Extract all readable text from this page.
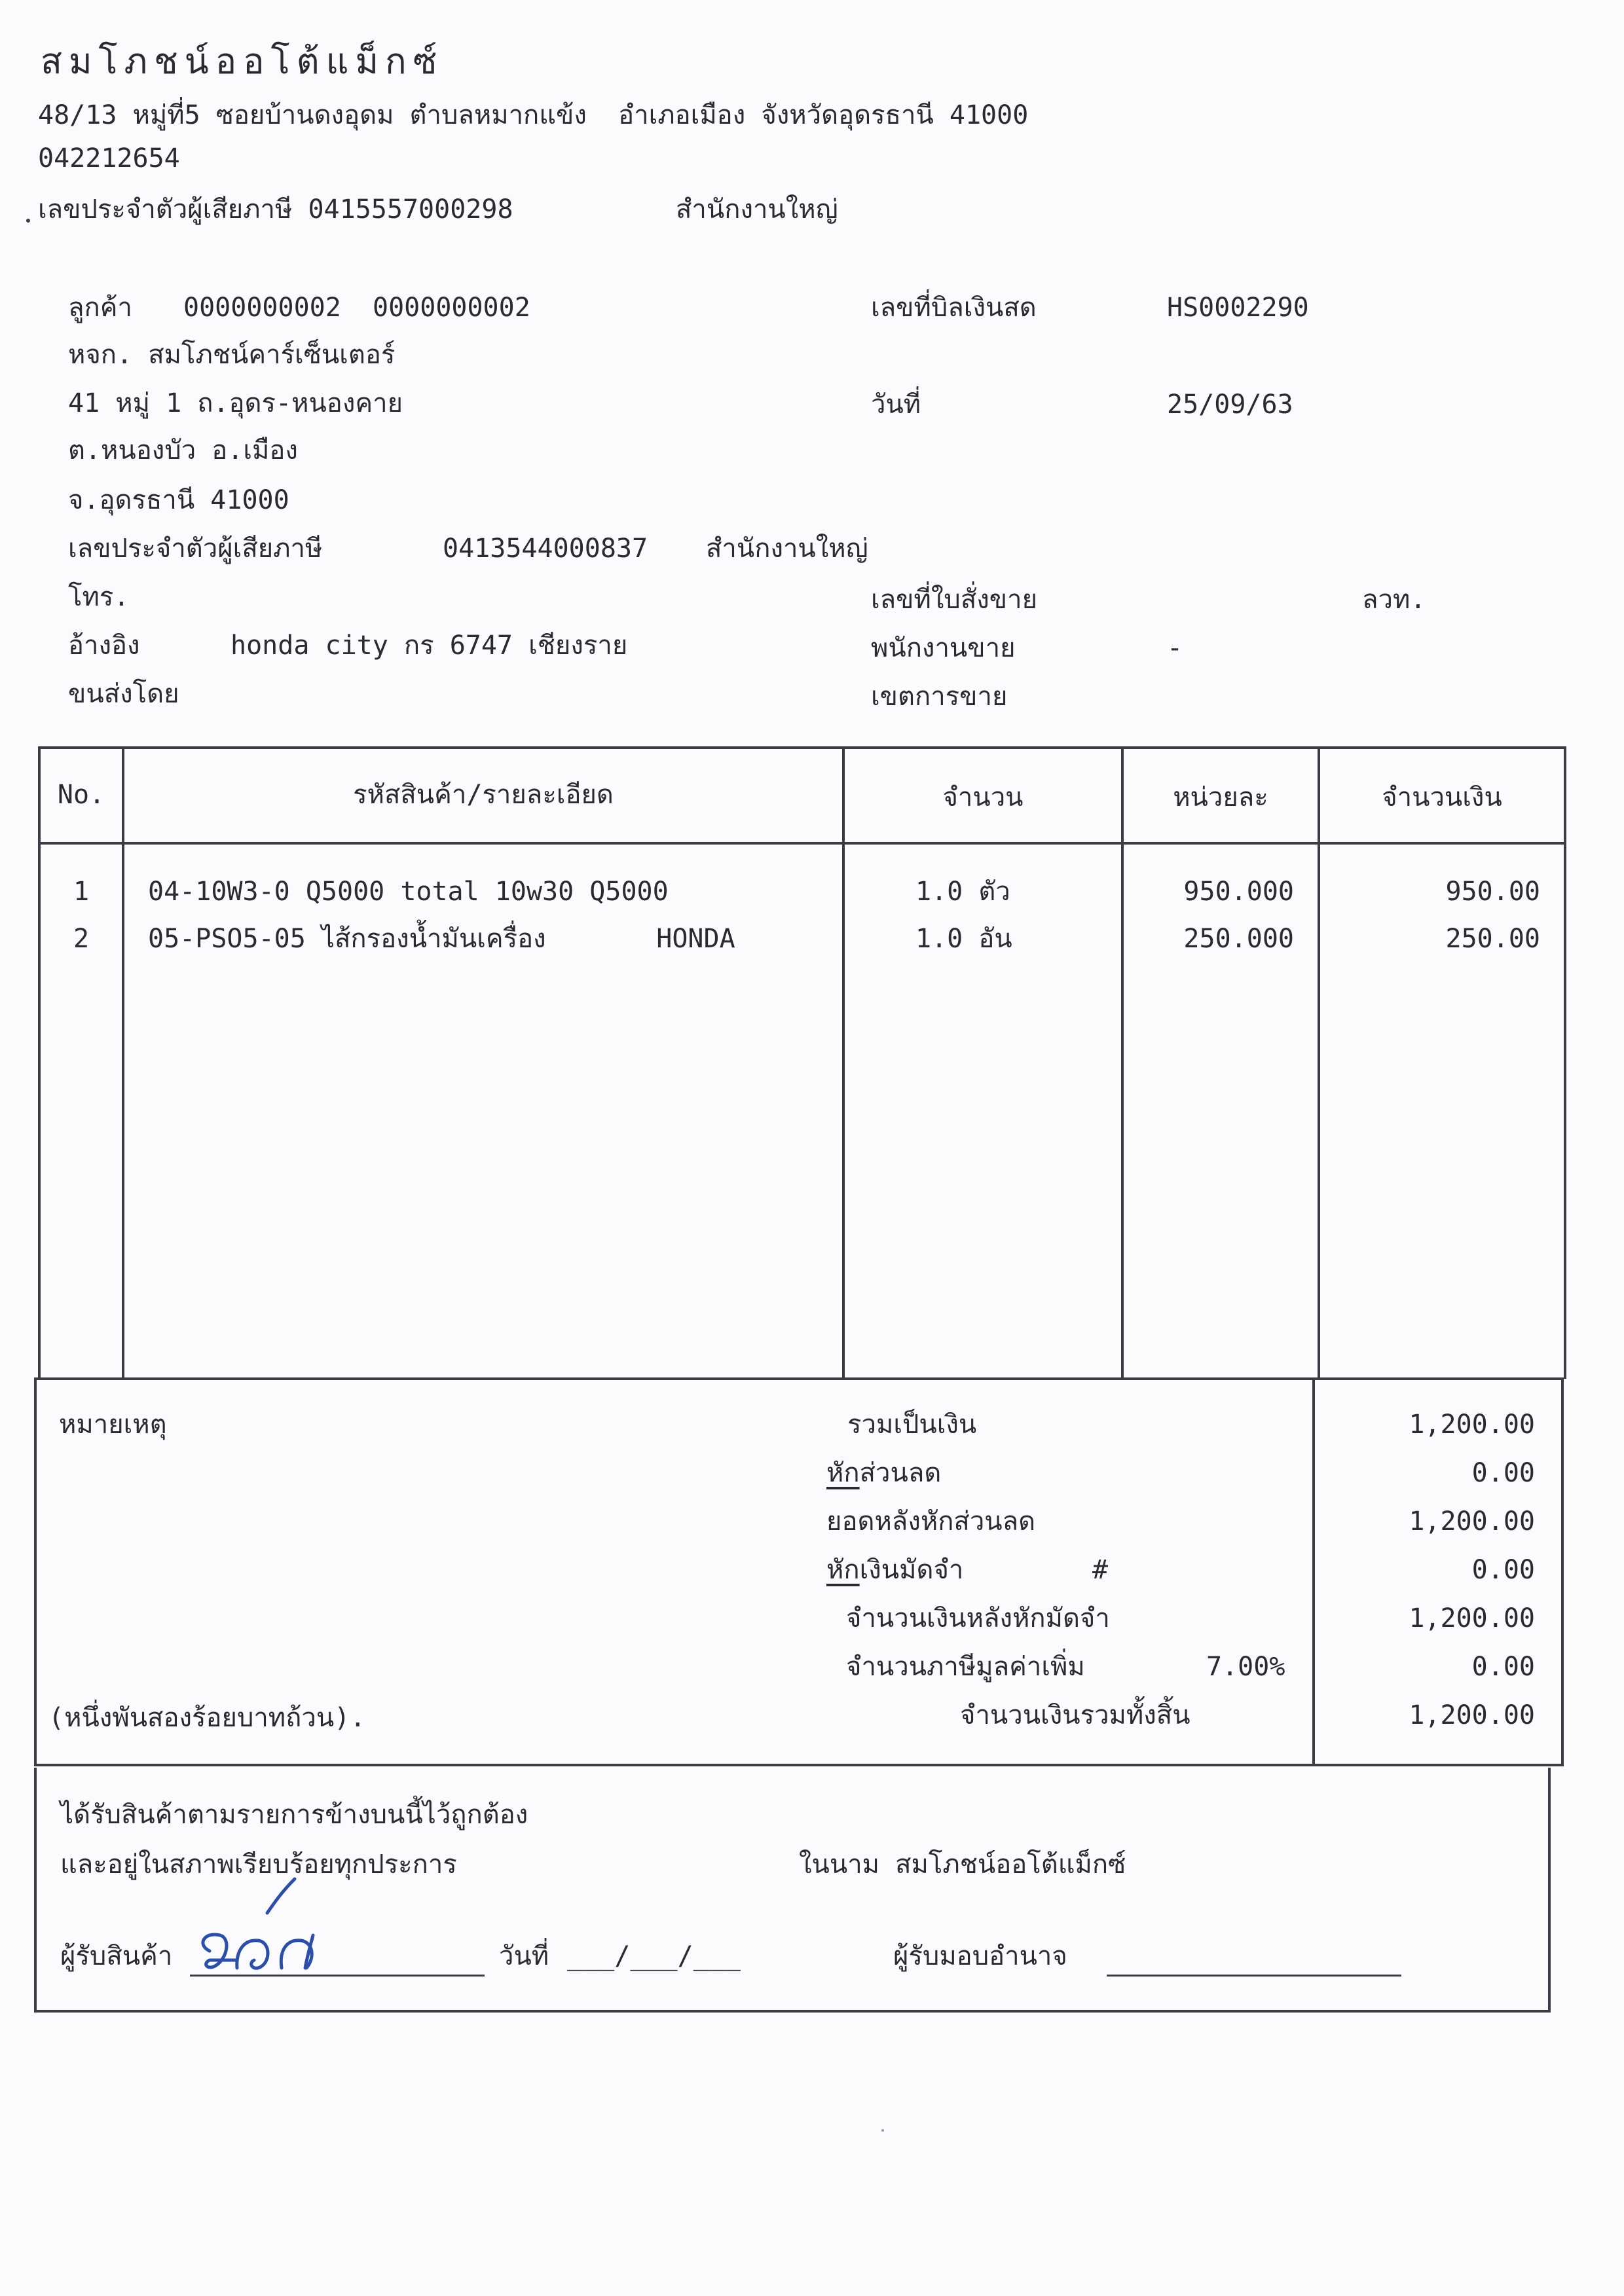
สมโภชน์ออโต้แม็กซ์
48/13 หมู่ที่5 ซอยบ้านดงอุดม ตำบลหมากแข้ง  อำเภอเมือง จังหวัดอุดรธานี 41000
042212654
เลขประจำตัวผู้เสียภาษี 0415557000298	สำนักงานใหญ่
ลูกค้า 0000000002  0000000002
หจก. สมโภชน์คาร์เซ็นเตอร์
41 หมู่ 1 ถ.อุดร-หนองคาย
ต.หนองบัว อ.เมือง
จ.อุดรธานี 41000
เลขประจำตัวผู้เสียภาษี	0413544000837 สำนักงานใหญ่
โทร.
อ้างอิง	honda city กร 6747 เชียงราย
ขนส่งโดย
เลขที่บิลเงินสด	HS0002290
วันที่	25/09/63
เลขที่ใบสั่งขาย	ลวท.
พนักงานขาย	-
เขตการขาย
No.	รหัสสินค้า/รายละเอียด	จำนวน	หน่วยละ	จำนวนเงิน
1	04-10W3-0 Q5000 total 10w30 Q5000	1.0 ตัว	950.000	950.00
2	05-PSO5-05 ไส้กรองน้ำมันเครื่อง       HONDA	1.0 อัน	250.000	250.00
หมายเหตุ
(หนึ่งพันสองร้อยบาทถ้วน).
รวมเป็นเงิน	1,200.00
หักส่วนลด	0.00
ยอดหลังหักส่วนลด	1,200.00
หักเงินมัดจำ	#	0.00
จำนวนเงินหลังหักมัดจำ	1,200.00
จำนวนภาษีมูลค่าเพิ่ม	7.00%	0.00
จำนวนเงินรวมทั้งสิ้น	1,200.00
ได้รับสินค้าตามรายการข้างบนนี้ไว้ถูกต้อง
และอยู่ในสภาพเรียบร้อยทุกประการ	ในนาม สมโภชน์ออโต้แม็กซ์
ผู้รับสินค้า	วันที่ ___/___/___	ผู้รับมอบอำนาจ
